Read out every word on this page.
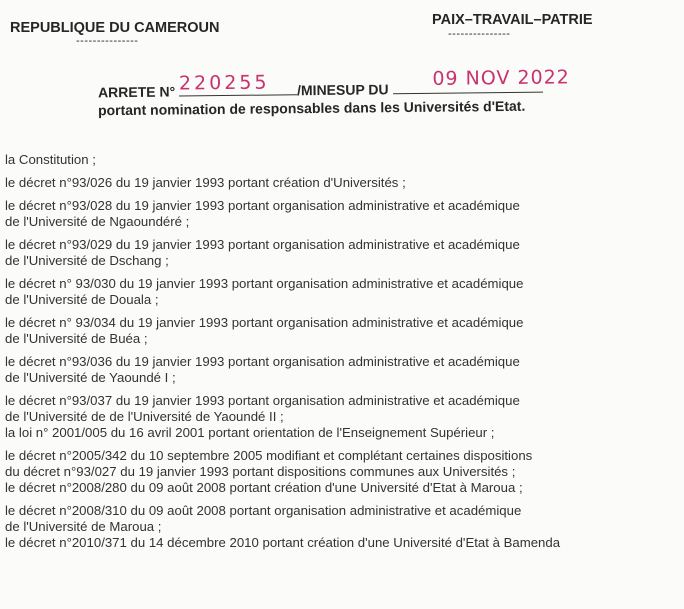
REPUBLIQUE DU CAMEROUN
---------------
PAIX–TRAVAIL–PATRIE
---------------
ARRETE N° 220255 /MINESUP DU 09 NOV 2022
portant nomination de responsables dans les Universités d'Etat.

la Constitution ;

le décret n°93/026 du 19 janvier 1993 portant création d'Universités ;

le décret n°93/028 du 19 janvier 1993 portant organisation administrative et académique

de l'Université de Ngaoundéré ;

le décret n°93/029 du 19 janvier 1993 portant organisation administrative et académique

de l'Université de Dschang ;

le décret n° 93/030 du 19 janvier 1993 portant organisation administrative et académique

de l'Université de Douala ;

le décret n° 93/034 du 19 janvier 1993 portant organisation administrative et académique

de l'Université de Buéa ;

le décret n°93/036 du 19 janvier 1993 portant organisation administrative et académique

de l'Université de Yaoundé I ;

le décret n°93/037 du 19 janvier 1993 portant organisation administrative et académique

de l'Université de de l'Université de Yaoundé II ;

la loi n° 2001/005 du 16 avril 2001 portant orientation de l'Enseignement Supérieur ;

le décret n°2005/342 du 10 septembre 2005 modifiant et complétant certaines dispositions

du décret n°93/027 du 19 janvier 1993 portant dispositions communes aux Universités ;

le décret n°2008/280 du 09 août 2008 portant création d'une Université d'Etat à Maroua ;

le décret n°2008/310 du 09 août 2008 portant organisation administrative et académique

de l'Université de Maroua ;

le décret n°2010/371 du 14 décembre 2010 portant création d'une Université d'Etat à Bamenda
